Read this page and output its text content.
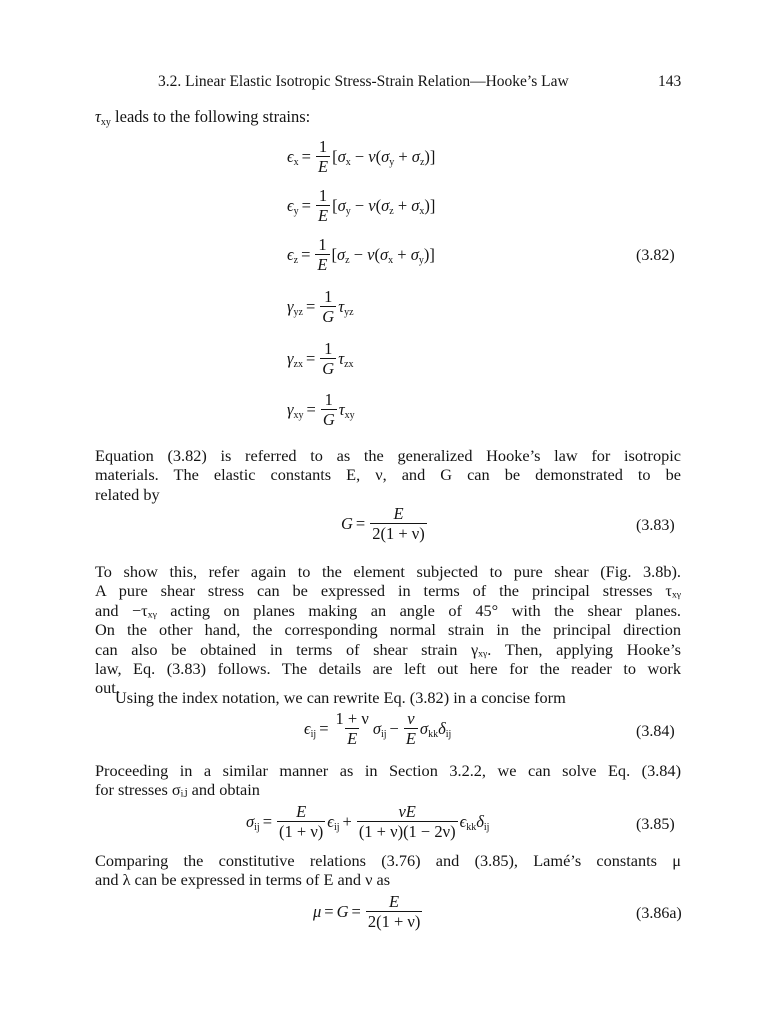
3.2. Linear Elastic Isotropic Stress-Strain Relation—Hooke’s Law	143
$\tau_{xy}$ leads to the following strains:
$\epsilon_x = \frac{1}{E} [\sigma_x - \nu(\sigma_y + \sigma_z)]$
$\epsilon_y = \frac{1}{E} [\sigma_y - \nu(\sigma_z + \sigma_x)]$
$\epsilon_z = \frac{1}{E} [\sigma_z - \nu(\sigma_x + \sigma_y)]$	(3.82)
$\gamma_{yz} = \frac{1}{G} \tau_{yz}$
$\gamma_{zx} = \frac{1}{G} \tau_{zx}$
$\gamma_{xy} = \frac{1}{G} \tau_{xy}$
Equation (3.82) is referred to as the generalized Hooke’s law for isotropic
materials. The elastic constants E, ν, and G can be demonstrated to be
related by
$G = \frac{E}{2(1 + \nu)}$	(3.83)
To show this, refer again to the element subjected to pure shear (Fig. 3.8b).
A pure shear stress can be expressed in terms of the principal stresses τₓᵧ
and −τₓᵧ acting on planes making an angle of 45° with the shear planes.
On the other hand, the corresponding normal strain in the principal direction
can also be obtained in terms of shear strain γₓᵧ. Then, applying Hooke’s
law, Eq. (3.83) follows. The details are left out here for the reader to work
out.
Using the index notation, we can rewrite Eq. (3.82) in a concise form
$\epsilon_{ij} = \frac{1 + \nu}{E} \sigma_{ij} - \frac{\nu}{E} \sigma_{kk}\delta_{ij}$	(3.84)
Proceeding in a similar manner as in Section 3.2.2, we can solve Eq. (3.84)
for stresses σᵢⱼ and obtain
$\sigma_{ij} = \frac{E}{(1 + \nu)} \epsilon_{ij} + \frac{\nu E}{(1 + \nu)(1 - 2\nu)} \epsilon_{kk}\delta_{ij}$	(3.85)
Comparing the constitutive relations (3.76) and (3.85), Lamé’s constants μ
and λ can be expressed in terms of E and ν as
$\mu = G = \frac{E}{2(1 + \nu)}$	(3.86a)
